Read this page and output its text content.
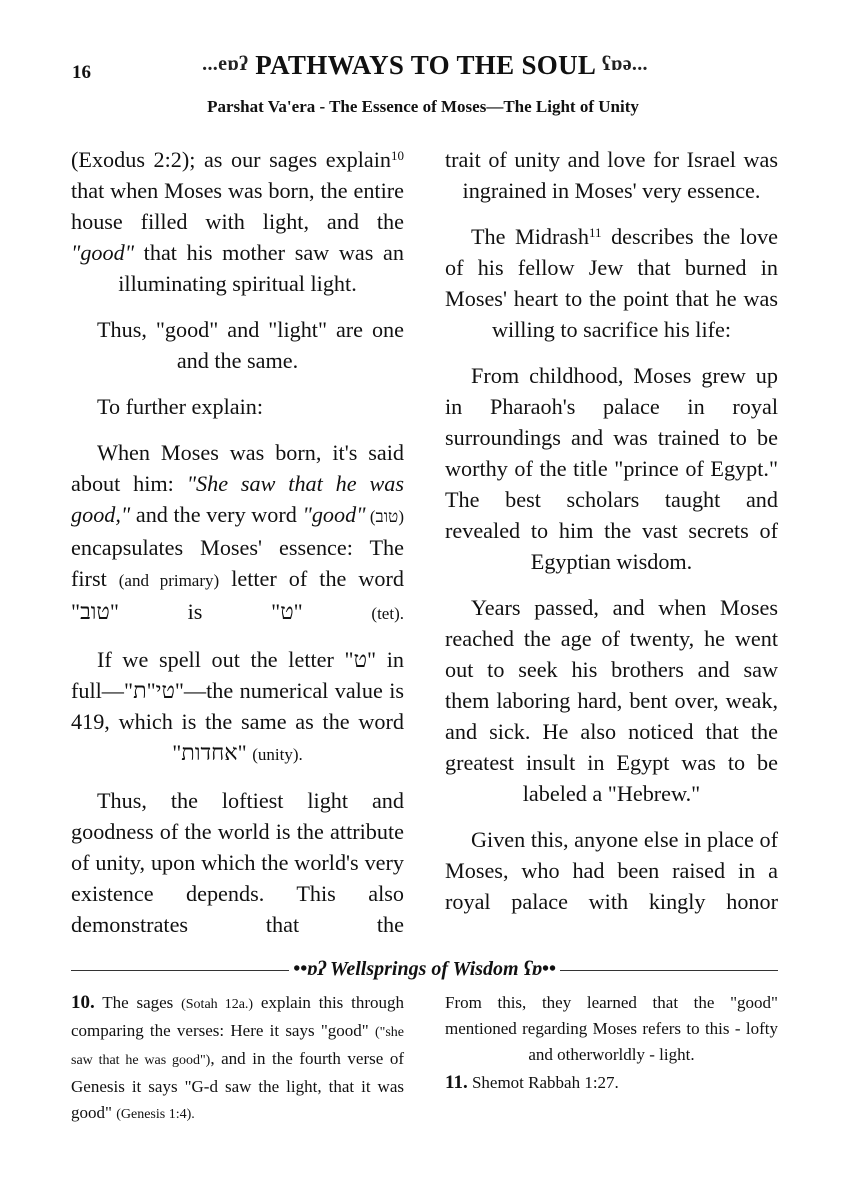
16	...eɒʔ PATHWAYS TO THE SOUL ʕɒə...
Parshat Va'era - The Essence of Moses—The Light of Unity

(Exodus 2:2); as our sages explain$^{10}$ that when Moses was born, the entire house filled with light, and the "good" that his mother saw was an illuminating spiritual light.

Thus, "good" and "light" are one and the same.

To further explain:

When Moses was born, it's said about him: "She saw that he was good," and the very word "good" (טוב) encapsulates Moses' essence: The first (and primary) letter of the word "טוב" is "ט" (tet).

If we spell out the letter "ט" in full—"טי"ת"—the numerical value is 419, which is the same as the word "אחדות" (unity).

Thus, the loftiest light and goodness of the world is the attribute of unity, upon which the world's very existence depends. This also demonstrates that the

trait of unity and love for Israel was ingrained in Moses' very essence.

The Midrash$^{11}$ describes the love of his fellow Jew that burned in Moses' heart to the point that he was willing to sacrifice his life:

From childhood, Moses grew up in Pharaoh's palace in royal surroundings and was trained to be worthy of the title "prince of Egypt." The best scholars taught and revealed to him the vast secrets of Egyptian wisdom.

Years passed, and when Moses reached the age of twenty, he went out to seek his brothers and saw them laboring hard, bent over, weak, and sick. He also noticed that the greatest insult in Egypt was to be labeled a "Hebrew."

Given this, anyone else in place of Moses, who had been raised in a royal palace with kingly honor

••ɒʔ Wellsprings of Wisdom ʕɒ••

10. The sages (Sotah 12a.) explain this through comparing the verses: Here it says "good" ("she saw that he was good"), and in the fourth verse of Genesis it says "G-d saw the light, that it was good" (Genesis 1:4).

From this, they learned that the "good" mentioned regarding Moses refers to this - lofty and otherworldly - light.

11. Shemot Rabbah 1:27.
